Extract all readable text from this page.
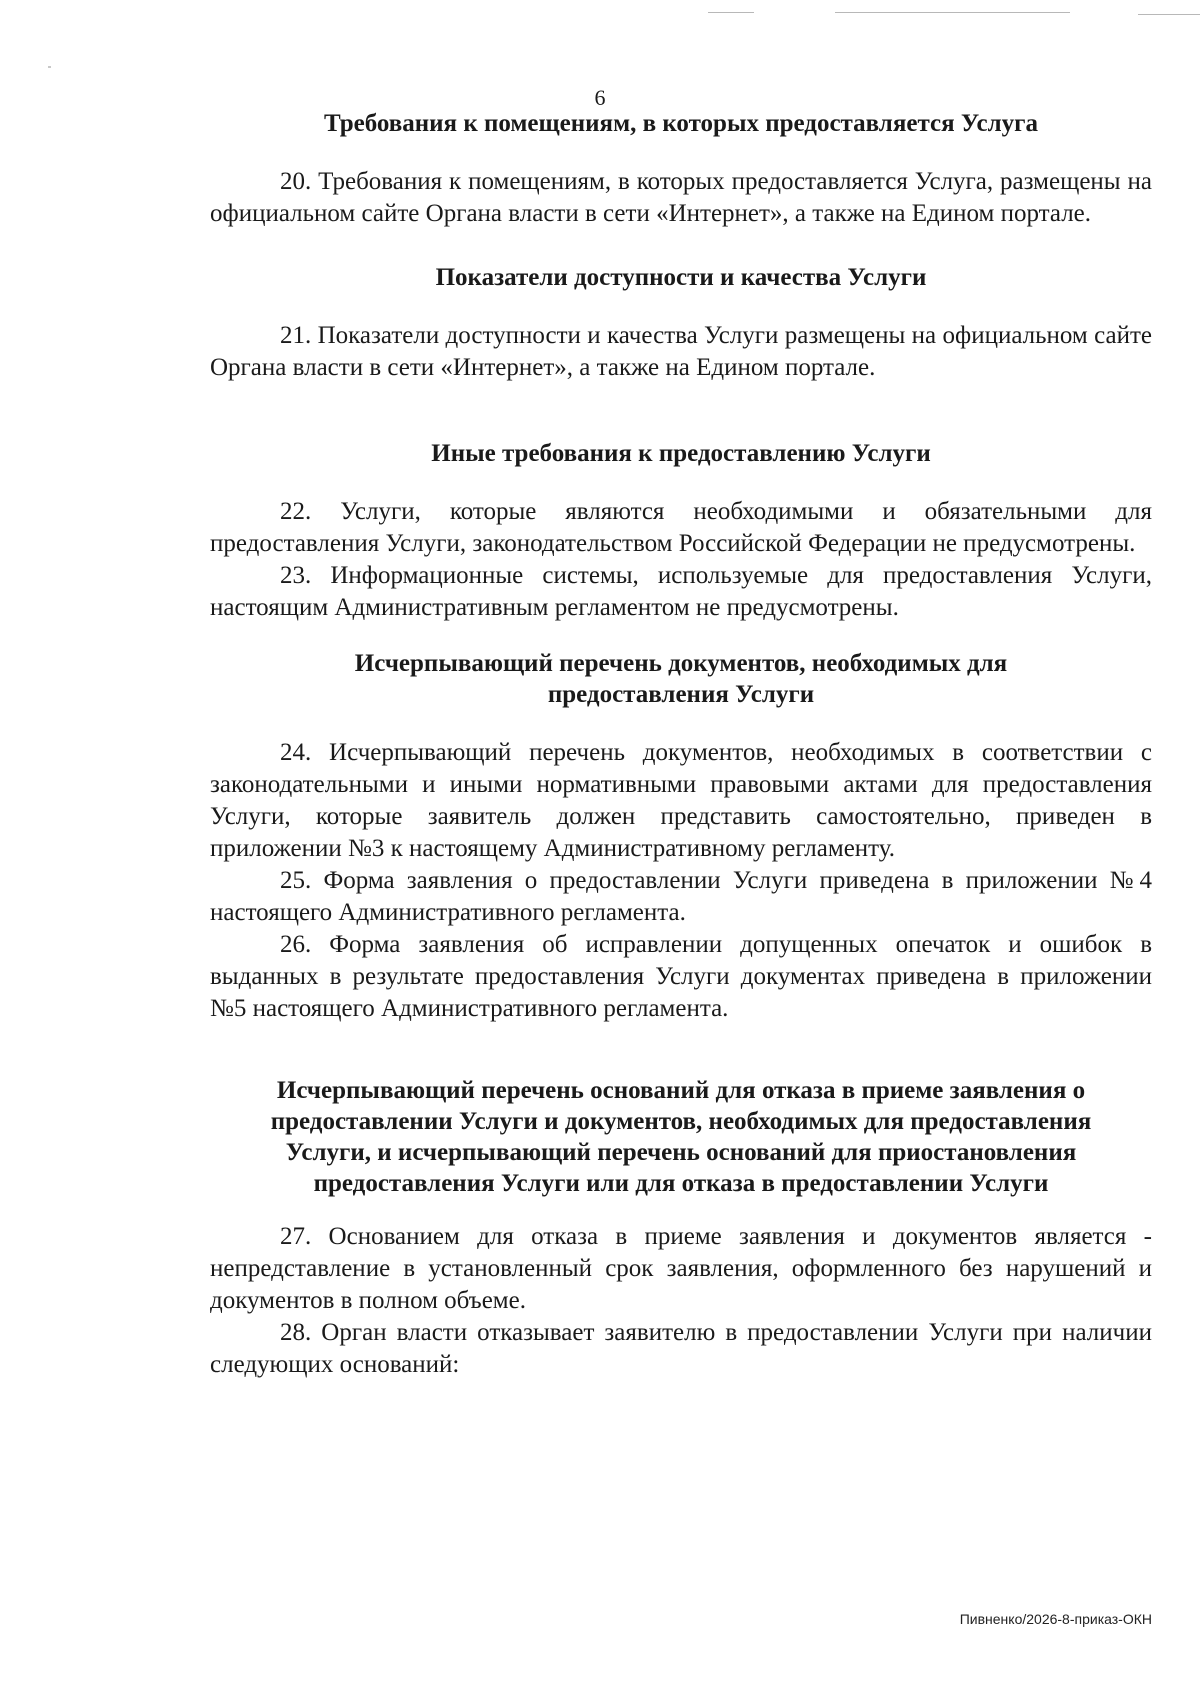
6
Требования к помещениям, в которых предоставляется Услуга

20. Требования к помещениям, в которых предоставляется Услуга, размещены на официальном сайте Органа власти в сети «Интернет», а также на Едином портале.

Показатели доступности и качества Услуги

21. Показатели доступности и качества Услуги размещены на официальном сайте Органа власти в сети «Интернет», а также на Едином портале.

Иные требования к предоставлению Услуги

22. Услуги, которые являются необходимыми и обязательными для предоставления Услуги, законодательством Российской Федерации не предусмотрены.

23. Информационные системы, используемые для предоставления Услуги, настоящим Административным регламентом не предусмотрены.

Исчерпывающий перечень документов, необходимых для
предоставления Услуги

24. Исчерпывающий перечень документов, необходимых в соответствии с законодательными и иными нормативными правовыми актами для предоставления Услуги, которые заявитель должен представить самостоятельно, приведен в приложении №3 к настоящему Административному регламенту.

25. Форма заявления о предоставлении Услуги приведена в приложении №4 настоящего Административного регламента.

26. Форма заявления об исправлении допущенных опечаток и ошибок в выданных в результате предоставления Услуги документах приведена в приложении №5 настоящего Административного регламента.

Исчерпывающий перечень оснований для отказа в приеме заявления о
предоставлении Услуги и документов, необходимых для предоставления
Услуги, и исчерпывающий перечень оснований для приостановления
предоставления Услуги или для отказа в предоставлении Услуги

27. Основанием для отказа в приеме заявления и документов является - непредставление в установленный срок заявления, оформленного без нарушений и документов в полном объеме.

28. Орган власти отказывает заявителю в предоставлении Услуги при наличии следующих оснований:

Пивненко/2026-8-приказ-ОКН
